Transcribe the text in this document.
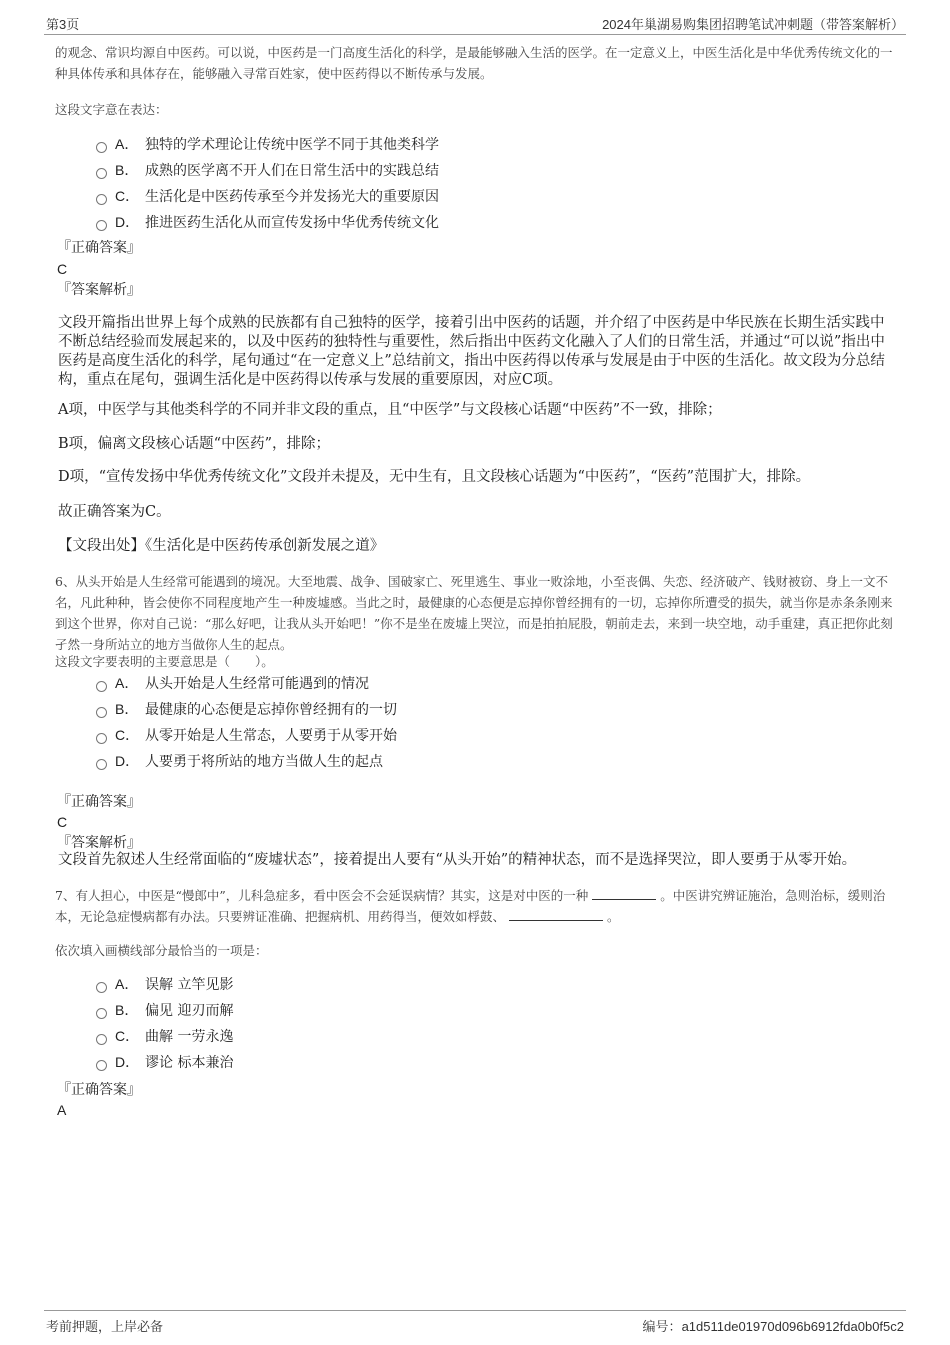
第3页	2024年巢湖易购集团招聘笔试冲刺题（带答案解析）
的观念、常识均源自中医药。可以说，中医药是一门高度生活化的科学，是最能够融入生活的医学。在一定意义上，中医生活化是中华优秀传统文化的一种具体传承和具体存在，能够融入寻常百姓家，使中医药得以不断传承与发展。
这段文字意在表达：
A． 独特的学术理论让传统中医学不同于其他类科学
B． 成熟的医学离不开人们在日常生活中的实践总结
C． 生活化是中医药传承至今并发扬光大的重要原因
D． 推进医药生活化从而宣传发扬中华优秀传统文化
『正确答案』
C
『答案解析』
文段开篇指出世界上每个成熟的民族都有自己独特的医学，接着引出中医药的话题，并介绍了中医药是中华民族在长期生活实践中不断总结经验而发展起来的，以及中医药的独特性与重要性，然后指出中医药文化融入了人们的日常生活，并通过“可以说”指出中医药是高度生活化的科学，尾句通过“在一定意义上”总结前文，指出中医药得以传承与发展是由于中医的生活化。故文段为分总结构，重点在尾句，强调生活化是中医药得以传承与发展的重要原因，对应C项。
A项，中医学与其他类科学的不同并非文段的重点，且“中医学”与文段核心话题“中医药”不一致，排除；
B项，偏离文段核心话题“中医药”，排除；
D项，“宣传发扬中华优秀传统文化”文段并未提及，无中生有，且文段核心话题为“中医药”，“医药”范围扩大，排除。
故正确答案为C。
【文段出处】《生活化是中医药传承创新发展之道》
6、从头开始是人生经常可能遇到的境况。大至地震、战争、国破家亡、死里逃生、事业一败涂地，小至丧偶、失恋、经济破产、钱财被窃、身上一文不名，凡此种种，皆会使你不同程度地产生一种废墟感。当此之时，最健康的心态便是忘掉你曾经拥有的一切，忘掉你所遭受的损失，就当你是赤条条刚来到这个世界，你对自己说：“那么好吧，让我从头开始吧！”你不是坐在废墟上哭泣，而是拍拍屁股，朝前走去，来到一块空地，动手重建，真正把你此刻孑然一身所站立的地方当做你人生的起点。
这段文字要表明的主要意思是（　　）。
A． 从头开始是人生经常可能遇到的情况
B． 最健康的心态便是忘掉你曾经拥有的一切
C． 从零开始是人生常态，人要勇于从零开始
D． 人要勇于将所站的地方当做人生的起点
『正确答案』
C
『答案解析』
文段首先叙述人生经常面临的“废墟状态”，接着提出人要有“从头开始”的精神状态，而不是选择哭泣，即人要勇于从零开始。
7、有人担心，中医是“慢郎中”，儿科急症多，看中医会不会延误病情？其实，这是对中医的一种	。中医讲究辨证施治，急则治标，缓则治本，无论急症慢病都有办法。只要辨证准确、把握病机、用药得当，便效如桴鼓、	。
依次填入画横线部分最恰当的一项是：
A． 误解 立竿见影
B． 偏见 迎刃而解
C． 曲解 一劳永逸
D． 谬论 标本兼治
『正确答案』
A
考前押题，上岸必备	编号：a1d511de01970d096b6912fda0b0f5c2
